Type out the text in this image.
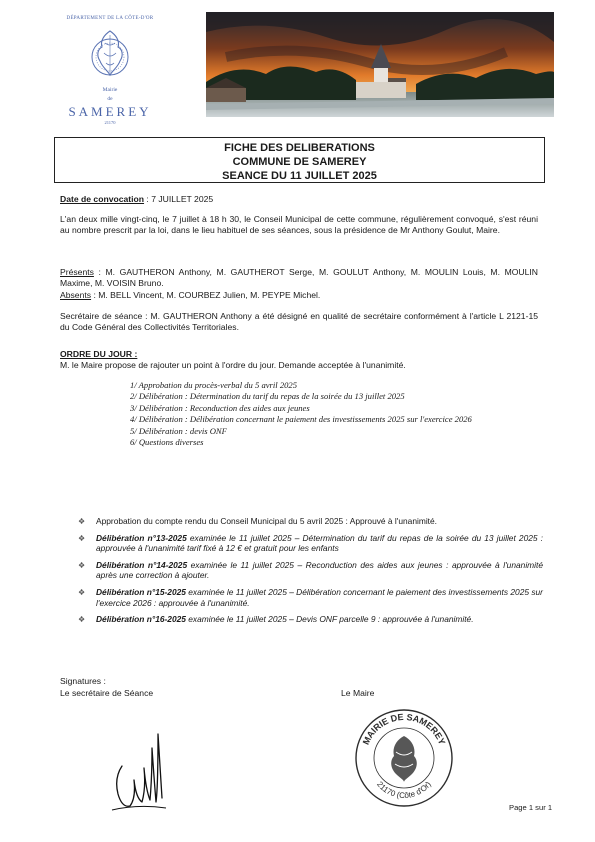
DÉPARTEMENT DE LA CÔTE-D'OR
Mairie
de
SAMEREY
21170
FICHE DES DELIBERATIONS
COMMUNE DE SAMEREY
SEANCE DU 11 JUILLET 2025
Date de convocation : 7 JUILLET 2025
L'an deux mille vingt-cinq, le 7 juillet à 18 h 30, le Conseil Municipal de cette commune, régulièrement convoqué, s'est réuni au nombre prescrit par la loi, dans le lieu habituel de ses séances, sous la présidence de Mr Anthony Goulut, Maire.
Présents : M. GAUTHERON Anthony, M. GAUTHEROT Serge, M. GOULUT Anthony, M. MOULIN Louis, M. MOULIN Maxime, M. VOISIN Bruno.
Absents : M. BELL Vincent, M. COURBEZ Julien, M. PEYPE Michel.
Secrétaire de séance : M. GAUTHERON Anthony a été désigné en qualité de secrétaire conformément à l'article L 2121-15 du Code Général des Collectivités Territoriales.
ORDRE DU JOUR :
M. le Maire propose de rajouter un point à l'ordre du jour. Demande acceptée à l'unanimité.
1/ Approbation du procès-verbal du 5 avril 2025
2/ Délibération : Détermination du tarif du repas de la soirée du 13 juillet 2025
3/ Délibération : Reconduction des aides aux jeunes
4/ Délibération : Délibération concernant le paiement des investissements 2025 sur l'exercice 2026
5/ Délibération : devis ONF
6/ Questions diverses
❖ Approbation du compte rendu du Conseil Municipal du 5 avril 2025 : Approuvé à l'unanimité.
❖ Délibération n°13-2025 examinée le 11 juillet 2025 – Détermination du tarif du repas de la soirée du 13 juillet 2025 : approuvée à l'unanimité tarif fixé à 12 € et gratuit pour les enfants
❖ Délibération n°14-2025 examinée le 11 juillet 2025 – Reconduction des aides aux jeunes : approuvée à l'unanimité après une correction à ajouter.
❖ Délibération n°15-2025 examinée le 11 juillet 2025 – Délibération concernant le paiement des investissements 2025 sur l'exercice 2026 : approuvée à l'unanimité.
❖ Délibération n°16-2025 examinée le 11 juillet 2025 – Devis ONF parcelle 9 : approuvée à l'unanimité.
Signatures :
Le secrétaire de Séance	Le Maire
MAIRIE DE SAMEREY
21170 (Côte d'Or)
Page 1 sur 1
